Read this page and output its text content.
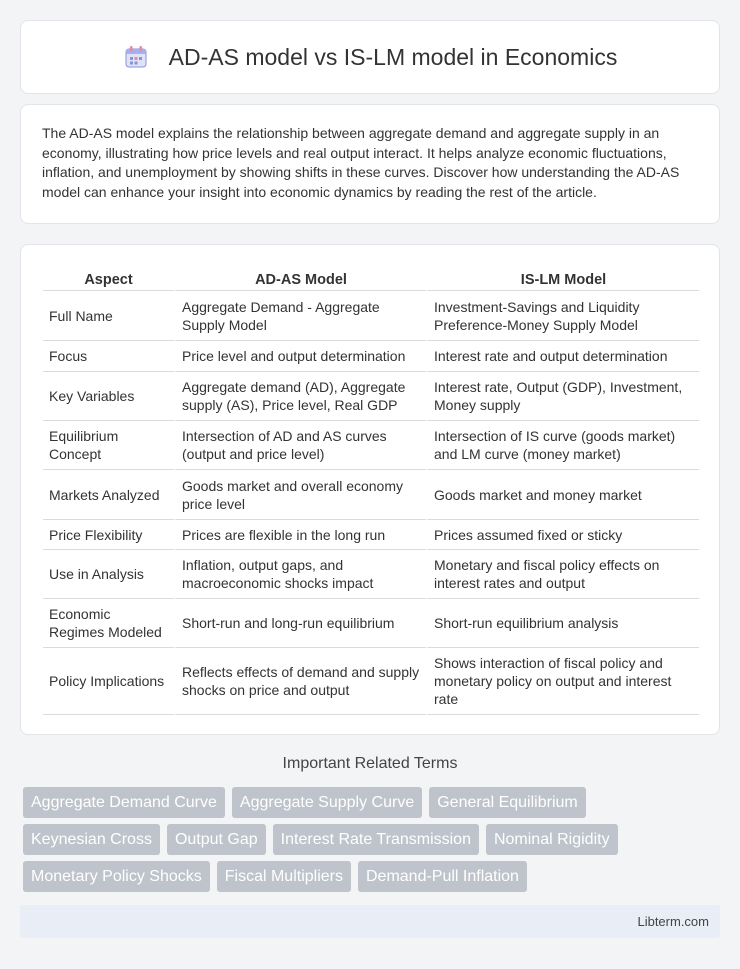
AD-AS model vs IS-LM model in Economics

The AD-AS model explains the relationship between aggregate demand and aggregate supply in an economy, illustrating how price levels and real output interact. It helps analyze economic fluctuations, inflation, and unemployment by showing shifts in these curves. Discover how understanding the AD-AS model can enhance your insight into economic dynamics by reading the rest of the article.

Aspect	AD-AS Model	IS-LM Model
Full Name	Aggregate Demand - Aggregate Supply Model	Investment-Savings and Liquidity Preference-Money Supply Model
Focus	Price level and output determination	Interest rate and output determination
Key Variables	Aggregate demand (AD), Aggregate supply (AS), Price level, Real GDP	Interest rate, Output (GDP), Investment, Money supply
Equilibrium Concept	Intersection of AD and AS curves (output and price level)	Intersection of IS curve (goods market) and LM curve (money market)
Markets Analyzed	Goods market and overall economy price level	Goods market and money market
Price Flexibility	Prices are flexible in the long run	Prices assumed fixed or sticky
Use in Analysis	Inflation, output gaps, and macroeconomic shocks impact	Monetary and fiscal policy effects on interest rates and output
Economic Regimes Modeled	Short-run and long-run equilibrium	Short-run equilibrium analysis
Policy Implications	Reflects effects of demand and supply shocks on price and output	Shows interaction of fiscal policy and monetary policy on output and interest rate
Important Related Terms
Aggregate Demand Curve	Aggregate Supply Curve	General Equilibrium
Keynesian Cross	Output Gap	Interest Rate Transmission	Nominal Rigidity
Monetary Policy Shocks	Fiscal Multipliers	Demand-Pull Inflation
Libterm.com
